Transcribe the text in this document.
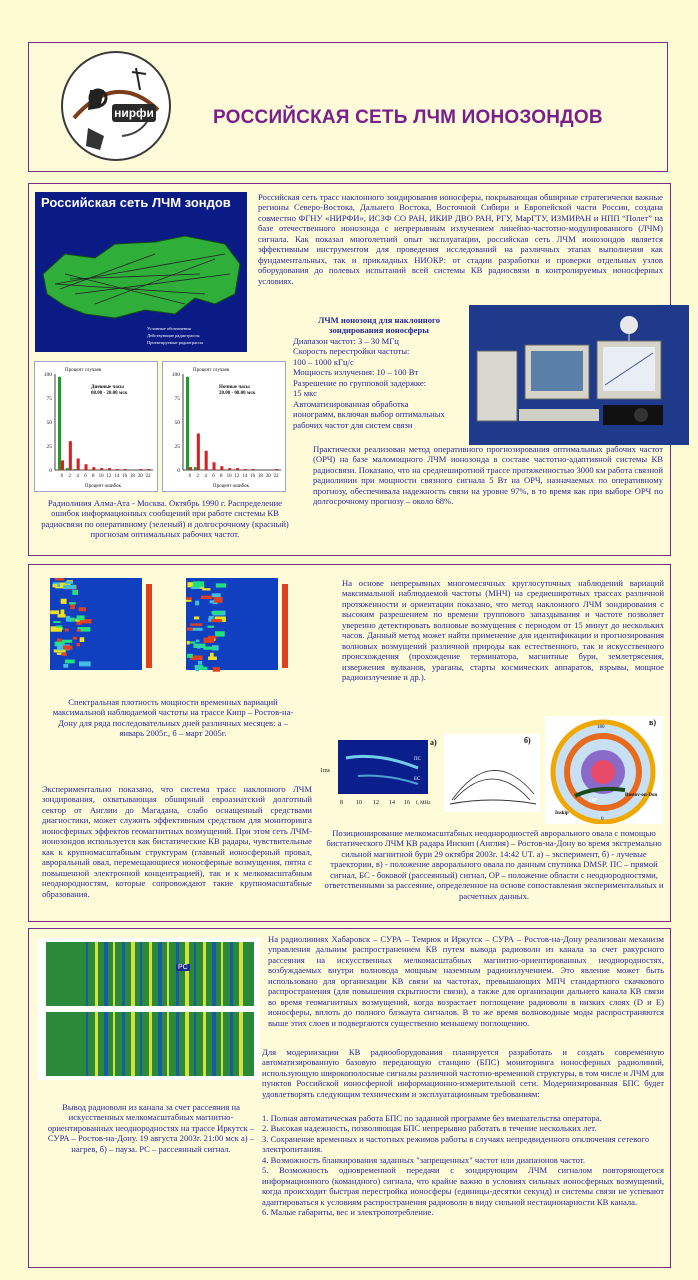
нирфи	РОССИЙСКАЯ СЕТЬ ЛЧМ ИОНОЗОНДОВ
Российская сеть ЛЧМ зондов
Условные обозначения
Действующие радиотрассы
Проектируемые радиотрассы
Российская сеть трасс наклонного зондирования ионосферы, покрывающая обширные стратегически важные регионы Северо-Востока, Дальнего Востока, Восточной Сибири и Европейской части России, создана совместно ФГНУ «НИРФИ», ИСЗФ СО РАН, ИКИР ДВО РАН, РГУ, МарГТУ, ИЗМИРАН и НПП “Полет” на базе отечественного ионозонда с непрерывным излучением линейно-частотно-модулированного (ЛЧМ) сигнала. Как показал многолетний опыт эксплуатации, российская сеть ЛЧМ ионозондов является эффективным инструментом для проведения исследований на различных этапах выполнения как фундаментальных, так и прикладных НИОКР: от стадии разработки и проверки отдельных узлов оборудования до полевых испытаний всей системы КВ радиосвязи в контролируемых ионосферных условиях.
ЛЧМ ионозонд для наклонного зондирования ионосферы
Диапазон частот: 3 – 30 МГц
Скорость перестройки частоты:
100 – 1000 кГц/с
Мощность излучения: 10 – 100 Вт
Разрешение по групповой задержке:
15 мкс
Автоматизированная обработка
ионограмм, включая выбор оптимальных
рабочих частот для систем связи
Процент случаев
Дневные часы 08.00 - 20.00 мск
0
25
50
75
100
0 2 4 6 8 10 12 14 16 18 20 22
Процент ошибок
Процент случаев
Ночные часы 20.00 - 08.00 мск
0
25
50
75
100
0 2 4 6 8 10 12 14 16 18 20 22
Процент ошибок
Радиолиния Алма-Ата - Москва. Октябрь 1990 г. Распределение ошибок информационных сообщений при работе системы КВ радиосвязи по оперативному (зеленый) и долгосрочному (красный) прогнозам оптимальных рабочих частот.
Практически реализован метод оперативного прогнозирования оптимальных рабочих частот (ОРЧ) на базе маломощного ЛЧМ ионозонда в составе частотно-адаптивной системы КВ радиосвязи. Показано, что на среднеширотной трассе протяженностью 3000 км работа связной радиолинии при мощности связного сигнала 5 Вт на ОРЧ, назначаемых по оперативному прогнозу, обеспечивала надежность связи на уровне 97%, в то время как при выборе ОРЧ по долгосрочному прогнозу – около 68%.
Спектральная плотность мощности временных вариаций максимальной наблюдаемой частоты на трассе Кипр – Ростов-на-Дону для ряда последовательных дней различных месяцев: а – январь 2005г., б – март 2005г.
На основе непрерывных многомесячных круглосуточных наблюдений вариаций максимальной наблюдаемой частоты (МНЧ) на среднеширотных трассах различной протяженности и ориентации показано, что метод наклонного ЛЧМ зондирования с высоким разрешением по времени группового запаздывания и частоте позволяет уверенно детектировать волновые возмущения с периодом от 15 минут до нескольких часов. Данный метод может найти применение для идентификации и прогнозирования волновых возмущений различной природы как естественного, так и искусственного происхождения (прохождение терминатора, магнитные бури, землетрясения, извержения вулканов, ураганы, старты космических аппаратов, взрывы, мощное радиоизлучение и др.).
Экспериментально показано, что система трасс наклонного ЛЧМ зондирования, охватывающая обширный евроазиатский долготный сектор от Англии до Магадана, слабо оснащенный средствами диагностики, может служить эффективным средством для мониторинга ионосферных эффектов геомагнитных возмущений. При этом сеть ЛЧМ-ионозондов используется как бистатические КВ радары, чувствительные как к крупномасштабным структурам (главный ионосферный провал, авроральный овал, перемещающиеся ионосферные возмущения, пятна с повышенной электронной концентрацией), так и к мелкомасштабным неоднородностям, которые сопровождают такие крупномасштабные образования.
1ms
ПС
БС
8 10 12 14 16 f, MHz
а)	б)
180
0
OP
Rostov-on-Don
Inskip
в)
Позиционирование мелкомасштабных неоднородностей аврорального овала с помощью бистатического ЛЧМ КВ радара Инскип (Англия) – Ростов-на-Дону во время экстремально сильной магнитной бури 29 октября 2003г. 14:42 UT. а) – эксперимент, б) - лучевые траектории, в) - положение аврорального овала по данным спутника DMSP. ПС – прямой сигнал, БС - боковой (рассеянный) сигнал, OP – положение области с неоднородностями, ответственными за рассеяние, определенное на основе сопоставления экспериментальных и расчетных данных.
PC
Вывод радиоволн из канала за счет рассеяния на искусственных мелкомасштабных магнитно-ориентированных неоднородностях на трассе Иркутск – СУРА – Ростов-на-Дону. 19 августа 2003г. 21:00 мск а) – нагрев, б) – пауза. РС – рассеянный сигнал.
На радиолиниях Хабаровск – СУРА – Темрюк и Иркутск – СУРА – Ростов-на-Дону реализован механизм управления дальним распространением КВ путем вывода радиоволн из канала за счет ракурсного рассеяния на искусственных мелкомасштабных магнитно-ориентированных неоднородностях, возбуждаемых внутри волновода мощным наземным радиоизлучением. Это явление может быть использовано для организации КВ связи на частотах, превышающих МПЧ стандартного скачкового распространения (для повышения скрытности связи), а также для организации дальнего канала КВ связи во время геомагнитных возмущений, когда возрастает поглощение радиоволн в низких слоях (D и E) ионосферы, вплоть до полного блэкаута сигналов. В то же время волноводные моды распространяются выше этих слоев и подвергаются существенно меньшему поглощению.
Для модернизации КВ радиооборудования планируется разработать и создать современную автоматизированную базовую передающую станцию (БПС) мониторинга ионосферных радиолиний, использующую широкополосные сигналы различной частотно-временной структуры, в том числе и ЛЧМ для пунктов Российской ионосферной информационно-измерительной сети. Модернизированная БПС будет удовлетворять следующим техническим и эксплуатационным требованиям:
1. Полная автоматическая работа БПС по заданной программе без вмешательства оператора.
2. Высокая надежность, позволяющая БПС непрерывно работать в течение нескольких лет.
3. Сохранение временных и частотных режимов работы в случаях непредвиденного отключения сетевого электропитания.
4. Возможность бланкирования заданных "запрещенных" частот или диапазонов частот.
5. Возможность одновременной передачи с зондирующим ЛЧМ сигналом повторяющегося информационного (командного) сигнала, что крайне важно в условиях сильных ионосферных возмущений, когда происходит быстрая перестройка ионосферы (единицы-десятки секунд) и системы связи не успевают адаптироваться к условиям распространения радиоволн в виду сильной нестационарности КВ канала.
6. Малые габариты, вес и электропотребление.
